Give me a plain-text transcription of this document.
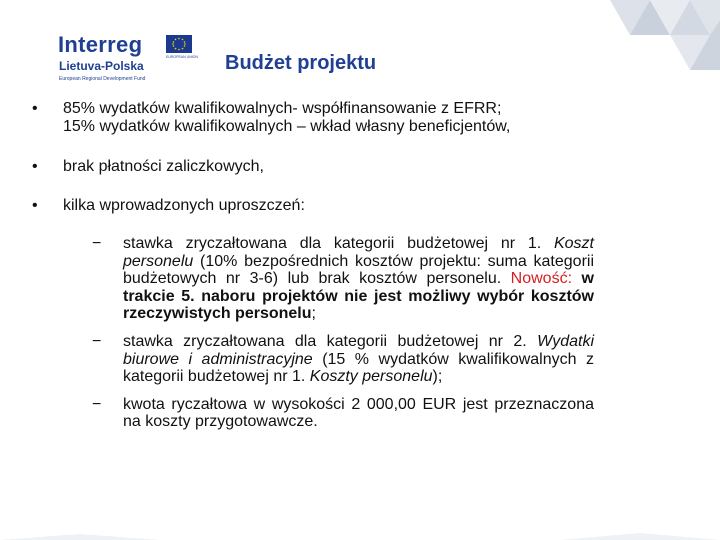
Interreg
Lietuva-Polska
European Regional Development Fund
EUROPEAN UNION Budżet projektu
• 85% wydatków kwalifikowalnych- współfinansowanie z EFRR;
15% wydatków kwalifikowalnych – wkład własny beneficjentów,
• brak płatności zaliczkowych,
• kilka wprowadzonych uproszczeń:
− stawka zryczałtowana dla kategorii budżetowej nr 1. Koszt personelu (10% bezpośrednich kosztów projektu: suma kategorii budżetowych nr 3-6) lub brak kosztów personelu. Nowość: w trakcie 5. naboru projektów nie jest możliwy wybór kosztów rzeczywistych personelu;
− stawka zryczałtowana dla kategorii budżetowej nr 2. Wydatki biurowe i administracyjne (15 % wydatków kwalifikowalnych z kategorii budżetowej nr 1. Koszty personelu);
− kwota ryczałtowa w wysokości 2 000,00 EUR jest przeznaczona na koszty przygotowawcze.
